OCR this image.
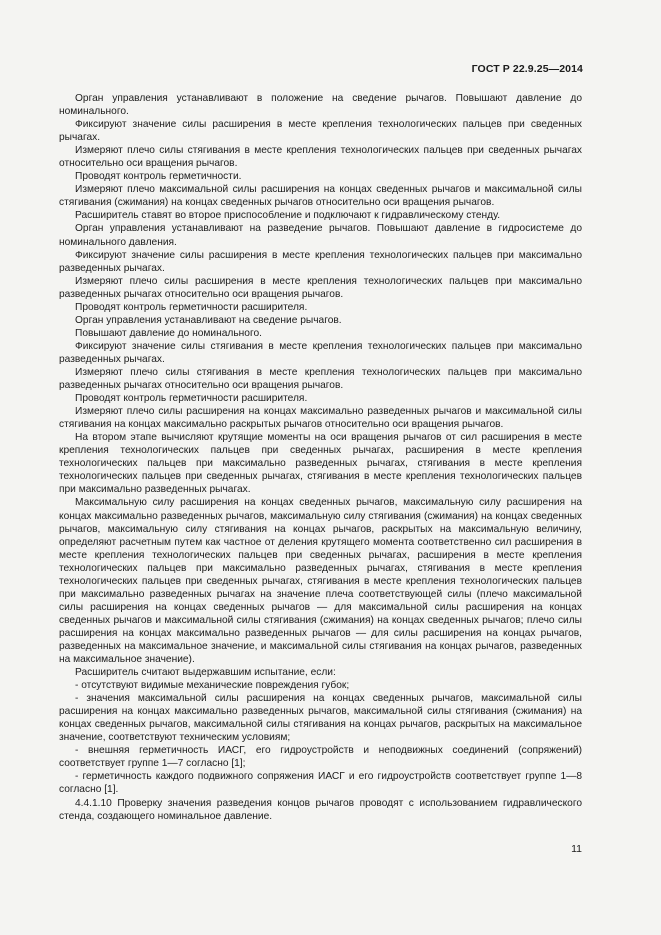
ГОСТ Р 22.9.25—2014

Орган управления устанавливают в положение на сведение рычагов. Повышают давление до номинального.

Фиксируют значение силы расширения в месте крепления технологических пальцев при сведенных рычагах.

Измеряют плечо силы стягивания в месте крепления технологических пальцев при сведенных рычагах относительно оси вращения рычагов.

Проводят контроль герметичности.

Измеряют плечо максимальной силы расширения на концах сведенных рычагов и максимальной силы стягивания (сжимания) на концах сведенных рычагов относительно оси вращения рычагов.

Расширитель ставят во второе приспособление и подключают к гидравлическому стенду.

Орган управления устанавливают на разведение рычагов. Повышают давление в гидросистеме до номинального давления.

Фиксируют значение силы расширения в месте крепления технологических пальцев при максимально разведенных рычагах.

Измеряют плечо силы расширения в месте крепления технологических пальцев при максимально разведенных рычагах относительно оси вращения рычагов.

Проводят контроль герметичности расширителя.

Орган управления устанавливают на сведение рычагов.

Повышают давление до номинального.

Фиксируют значение силы стягивания в месте крепления технологических пальцев при максимально разведенных рычагах.

Измеряют плечо силы стягивания в месте крепления технологических пальцев при максимально разведенных рычагах относительно оси вращения рычагов.

Проводят контроль герметичности расширителя.

Измеряют плечо силы расширения на концах максимально разведенных рычагов и максимальной силы стягивания на концах максимально раскрытых рычагов относительно оси вращения рычагов.

На втором этапе вычисляют крутящие моменты на оси вращения рычагов от сил расширения в месте крепления технологических пальцев при сведенных рычагах, расширения в месте крепления технологических пальцев при максимально разведенных рычагах, стягивания в месте крепления технологических пальцев при сведенных рычагах, стягивания в месте крепления технологических пальцев при максимально разведенных рычагах.

Максимальную силу расширения на концах сведенных рычагов, максимальную силу расширения на концах максимально разведенных рычагов, максимальную силу стягивания (сжимания) на концах сведенных рычагов, максимальную силу стягивания на концах рычагов, раскрытых на максимальную величину, определяют расчетным путем как частное от деления крутящего момента соответственно сил расширения в месте крепления технологических пальцев при сведенных рычагах, расширения в месте крепления технологических пальцев при максимально разведенных рычагах, стягивания в месте крепления технологических пальцев при сведенных рычагах, стягивания в месте крепления технологических пальцев при максимально разведенных рычагах на значение плеча соответствующей силы (плечо максимальной силы расширения на концах сведенных рычагов — для максимальной силы расширения на концах сведенных рычагов и максимальной силы стягивания (сжимания) на концах сведенных рычагов; плечо силы расширения на концах максимально разведенных рычагов — для силы расширения на концах рычагов, разведенных на максимальное значение, и максимальной силы стягивания на концах рычагов, разведенных на максимальное значение).

Расширитель считают выдержавшим испытание, если:

- отсутствуют видимые механические повреждения губок;

- значения максимальной силы расширения на концах сведенных рычагов, максимальной силы расширения на концах максимально разведенных рычагов, максимальной силы стягивания (сжимания) на концах сведенных рычагов, максимальной силы стягивания на концах рычагов, раскрытых на максимальное значение, соответствуют техническим условиям;

- внешняя герметичность ИАСГ, его гидроустройств и неподвижных соединений (сопряжений) соответствует группе 1—7 согласно [1];

- герметичность каждого подвижного сопряжения ИАСГ и его гидроустройств соответствует группе 1—8 согласно [1].

4.4.1.10 Проверку значения разведения концов рычагов проводят с использованием гидравлического стенда, создающего номинальное давление.

11
